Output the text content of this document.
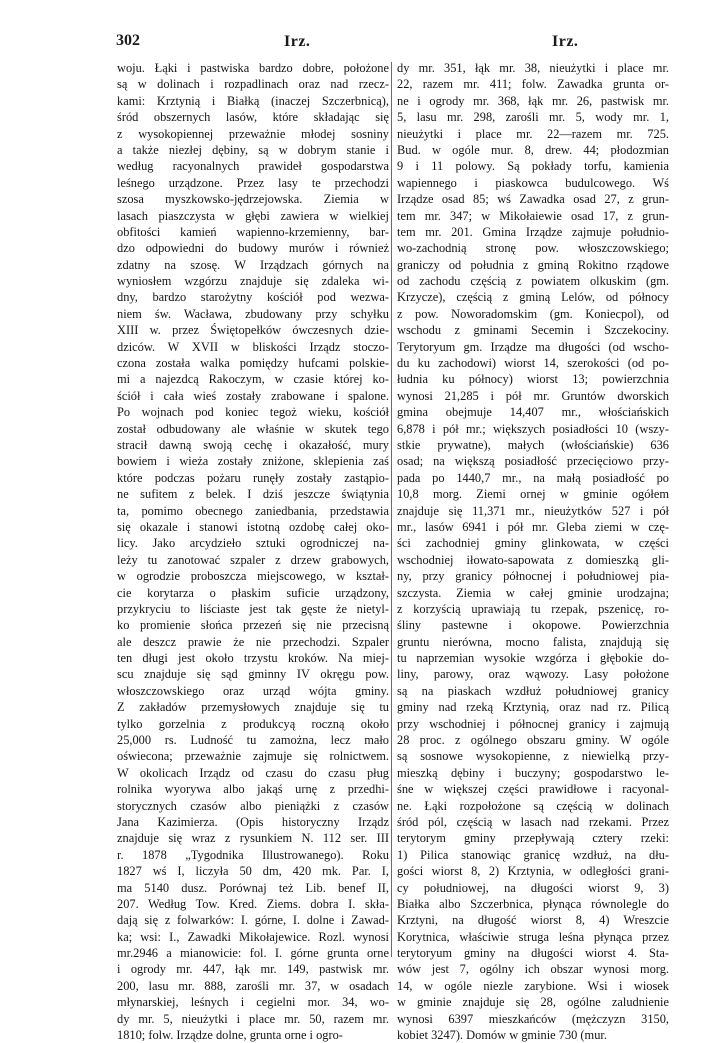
302	Irz.	Irz.
woju. Łąki i pastwiska bardzo dobre, położone
są w dolinach i rozpadlinach oraz nad rzecz-
kami: Krztynią i Białką (inaczej Szczerbnicą),
śród obszernych lasów, które składając się
z wysokopiennej przeważnie młodej sosniny
a także niezłej dębiny, są w dobrym stanie i
według racyonalnych prawideł gospodarstwa
leśnego urządzone. Przez lasy te przechodzi
szosa myszkowsko-jędrzejowska. Ziemia w
lasach piaszczysta w głębi zawiera w wielkiej
obfitości kamień wapienno-krzemienny, bar-
dzo odpowiedni do budowy murów i również
zdatny na szosę. W Irządzach górnych na
wyniosłem wzgórzu znajduje się zdaleka wi-
dny, bardzo starożytny kościół pod wezwa-
niem św. Wacława, zbudowany przy schyłku
XIII w. przez Świętopełków ówczesnych dzie-
dziców. W XVII w bliskości Irządz stoczo-
czona została walka pomiędzy hufcami polskie-
mi a najezdcą Rakoczym, w czasie której ko-
ściół i cała wieś zostały zrabowane i spalone.
Po wojnach pod koniec tegoż wieku, kościół
został odbudowany ale właśnie w skutek tego
stracił dawną swoją cechę i okazałość, mury
bowiem i wieża zostały zniżone, sklepienia zaś
które podczas pożaru runęły zostały zastąpio-
ne sufitem z belek. I dziś jeszcze świątynia
ta, pomimo obecnego zaniedbania, przedstawia
się okazale i stanowi istotną ozdobę całej oko-
licy. Jako arcydzieło sztuki ogrodniczej na-
leży tu zanotować szpaler z drzew grabowych,
w ogrodzie proboszcza miejscowego, w kształ-
cie korytarza o płaskim suficie urządzony,
przykryciu to liściaste jest tak gęste że nietyl-
ko promienie słońca przezeń się nie przecisną
ale deszcz prawie że nie przechodzi. Szpaler
ten długi jest około trzystu kroków. Na miej-
scu znajduje się sąd gminny IV okręgu pow.
włoszczowskiego oraz urząd wójta gminy.
Z zakładów przemysłowych znajduje się tu
tylko gorzelnia z produkcyą roczną około
25,000 rs. Ludność tu zamożna, lecz mało
oświecona; przeważnie zajmuje się rolnictwem.
W okolicach Irządz od czasu do czasu pług
rolnika wyorywa albo jakąś urnę z przedhi-
storycznych czasów albo pieniążki z czasów
Jana Kazimierza. (Opis historyczny Irządz
znajduje się wraz z rysunkiem N. 112 ser. III
r. 1878 „Tygodnika Illustrowanego). Roku
1827 wś I, liczyła 50 dm, 420 mk. Par. I,
ma 5140 dusz. Porównaj też Lib. benef II,
207. Według Tow. Kred. Ziems. dobra I. skła-
dają się z folwarków: I. górne, I. dolne i Zawad-
ka; wsi: I., Zawadki Mikołajewice. Rozl. wynosi
mr.2946 a mianowicie: fol. I. górne grunta orne
i ogrody mr. 447, łąk mr. 149, pastwisk mr.
200, lasu mr. 888, zarośli mr. 37, w osadach
młynarskiej, leśnych i cegielni mor. 34, wo-
dy mr. 5, nieużytki i place mr. 50, razem mr.
1810; folw. Irządze dolne, grunta orne i ogro-
dy mr. 351, łąk mr. 38, nieużytki i place mr.
22, razem mr. 411; folw. Zawadka grunta or-
ne i ogrody mr. 368, łąk mr. 26, pastwisk mr.
5, lasu mr. 298, zarośli mr. 5, wody mr. 1,
nieużytki i place mr. 22—razem mr. 725.
Bud. w ogóle mur. 8, drew. 44; płodozmian
9 i 11 polowy. Są pokłady torfu, kamienia
wapiennego i piaskowca budulcowego. Wś
Irządze osad 85; wś Zawadka osad 27, z grun-
tem mr. 347; w Mikołaiewie osad 17, z grun-
tem mr. 201. Gmina Irządze zajmuje południo-
wo-zachodnią stronę pow. włoszczowskiego;
graniczy od południa z gminą Rokitno rządowe
od zachodu częścią z powiatem olkuskim (gm.
Krzycze), częścią z gminą Lelów, od północy
z pow. Noworadomskim (gm. Koniecpol), od
wschodu z gminami Secemin i Szczekociny.
Terytoryum gm. Irządze ma długości (od wscho-
du ku zachodowi) wiorst 14, szerokości (od po-
łudnia ku północy) wiorst 13; powierzchnia
wynosi 21,285 i pół mr. Gruntów dworskich
gmina obejmuje 14,407 mr., włościańskich
6,878 i pół mr.; większych posiadłości 10 (wszy-
stkie prywatne), małych (włościańskie) 636
osad; na większą posiadłość przecięciowo przy-
pada po 1440,7 mr., na małą posiadłość po
10,8 morg. Ziemi ornej w gminie ogółem
znajduje się 11,371 mr., nieużytków 527 i pół
mr., lasów 6941 i pół mr. Gleba ziemi w czę-
ści zachodniej gminy glinkowata, w części
wschodniej iłowato-sapowata z domieszką gli-
ny, przy granicy północnej i południowej pia-
szczysta. Ziemia w całej gminie urodzajna;
z korzyścią uprawiają tu rzepak, pszenicę, ro-
śliny pastewne i okopowe. Powierzchnia
gruntu nierówna, mocno falista, znajdują się
tu naprzemian wysokie wzgórza i głębokie do-
liny, parowy, oraz wąwozy. Lasy położone
są na piaskach wzdłuż południowej granicy
gminy nad rzeką Krztynią, oraz nad rz. Pilicą
przy wschodniej i północnej granicy i zajmują
28 proc. z ogólnego obszaru gminy. W ogóle
są sosnowe wysokopienne, z niewielką przy-
mieszką dębiny i buczyny; gospodarstwo le-
śne w większej części prawidłowe i racyonal-
ne. Łąki rozpołożone są częścią w dolinach
śród pól, częścią w lasach nad rzekami. Przez
terytorym gminy przepływają cztery rzeki:
1) Pilica stanowiąc granicę wzdłuż, na dłu-
gości wiorst 8, 2) Krztynia, w odległości grani-
cy południowej, na długości wiorst 9, 3)
Białka albo Szczerbnica, płynąca równolegle do
Krztyni, na długość wiorst 8, 4) Wreszcie
Korytnica, właściwie struga leśna płynąca przez
terytoryum gminy na długości wiorst 4. Sta-
wów jest 7, ogólny ich obszar wynosi morg.
14, w ogóle niezle zarybione. Wsi i wiosek
w gminie znajduje się 28, ogólne zaludnienie
wynosi 6397 mieszkańców (mężczyzn 3150,
kobiet 3247). Domów w gminie 730 (mur.
